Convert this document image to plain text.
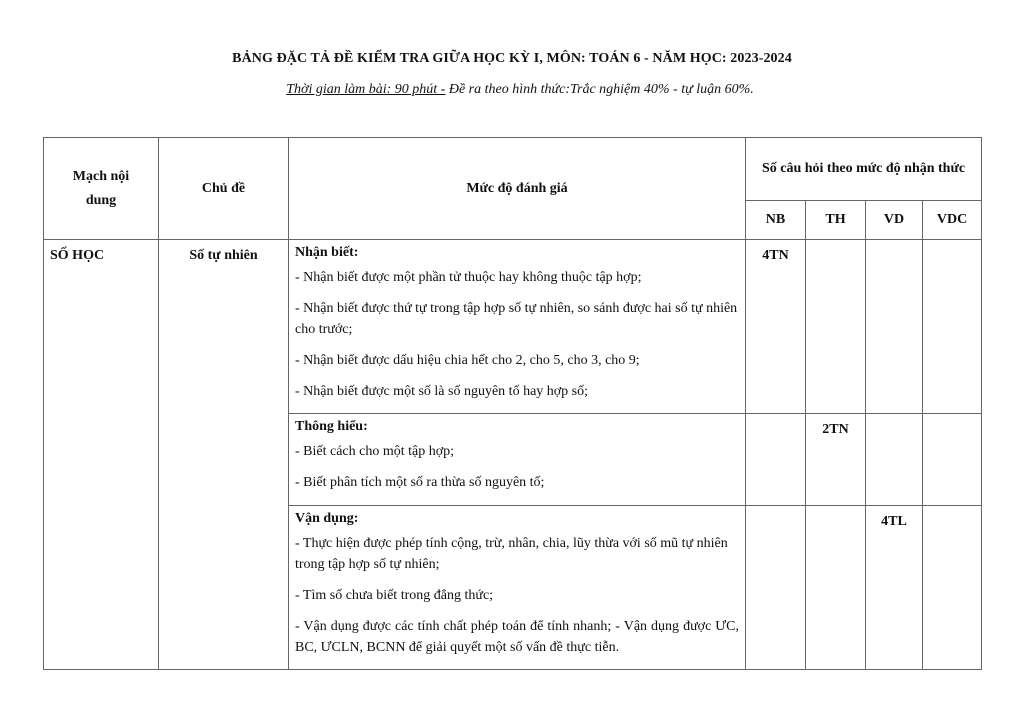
BẢNG ĐẶC TẢ ĐỀ KIỂM TRA GIỮA HỌC KỲ I, MÔN: TOÁN 6 - NĂM HỌC: 2023-2024
Thời gian làm bài: 90 phút - Đề ra theo hình thức:Trắc nghiệm 40% - tự luận 60%.
Mạch nội dung	Chủ đề	Mức độ đánh giá	Số câu hỏi theo mức độ nhận thức			

			NB	TH	VD	VDC
SỐ HỌC	Số tự nhiên	Nhận biết:
- Nhận biết được một phần tử thuộc hay không thuộc tập hợp;
- Nhận biết được thứ tự trong tập hợp số tự nhiên, so sánh được hai số tự nhiên cho trước;
- Nhận biết được dấu hiệu chia hết cho 2, cho 5, cho 3, cho 9;
- Nhận biết được một số là số nguyên tố hay hợp số;	4TN			

		Thông hiểu:
- Biết cách cho một tập hợp;
- Biết phân tích một số ra thừa số nguyên tố;		2TN		

		Vận dụng:
- Thực hiện được phép tính cộng, trừ, nhân, chia, lũy thừa với số mũ tự nhiên trong tập hợp số tự nhiên;
- Tìm số chưa biết trong đẳng thức;
- Vận dụng được các tính chất phép toán để tính nhanh; - Vận dụng được ƯC, BC, ƯCLN, BCNN để giải quyết một số vấn đề thực tiễn.			4TL	
